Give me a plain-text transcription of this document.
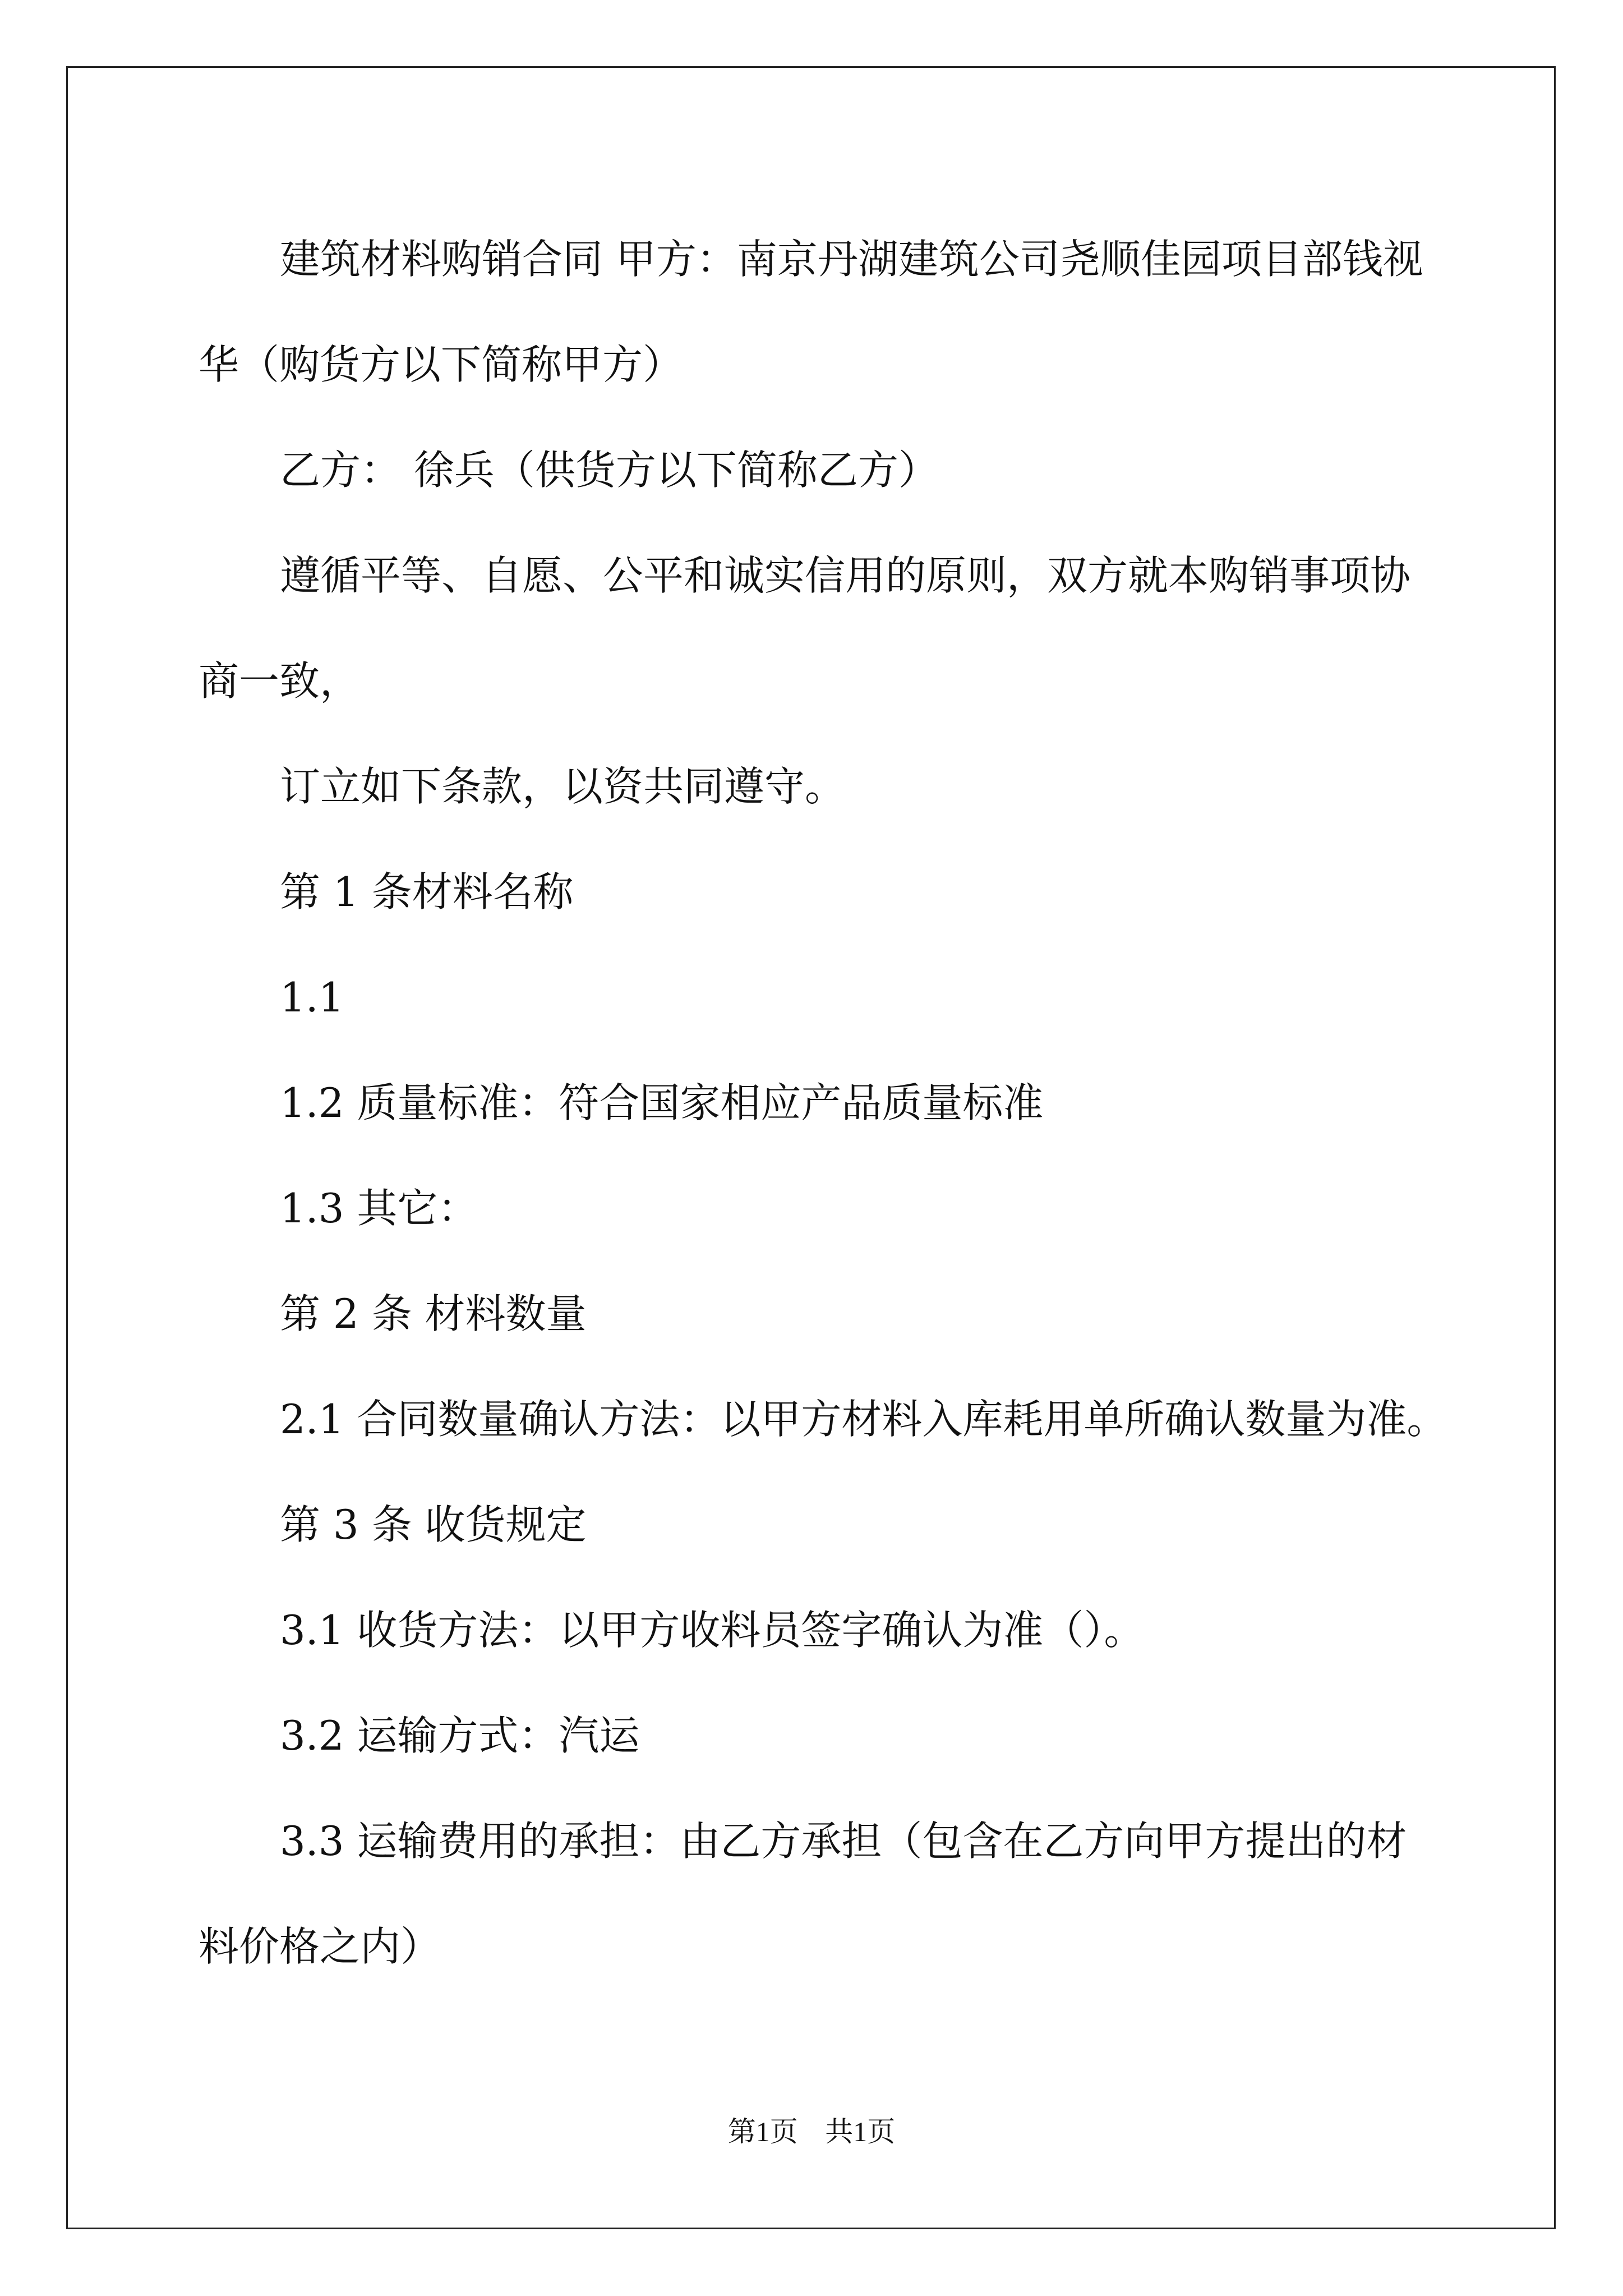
建筑材料购销合同 甲方：南京丹湖建筑公司尧顺佳园项目部钱视

华（购货方以下简称甲方）

乙方： 徐兵（供货方以下简称乙方）

遵循平等、自愿、公平和诚实信用的原则，双方就本购销事项协

商一致，

订立如下条款，以资共同遵守。

第 1 条材料名称

1.1

1.2 质量标准：符合国家相应产品质量标准

1.3 其它：

第 2 条 材料数量

2.1 合同数量确认方法：以甲方材料入库耗用单所确认数量为准。

第 3 条 收货规定

3.1 收货方法：以甲方收料员签字确认为准（）。

3.2 运输方式：汽运

3.3 运输费用的承担：由乙方承担（包含在乙方向甲方提出的材

料价格之内）

第1页 共1页
